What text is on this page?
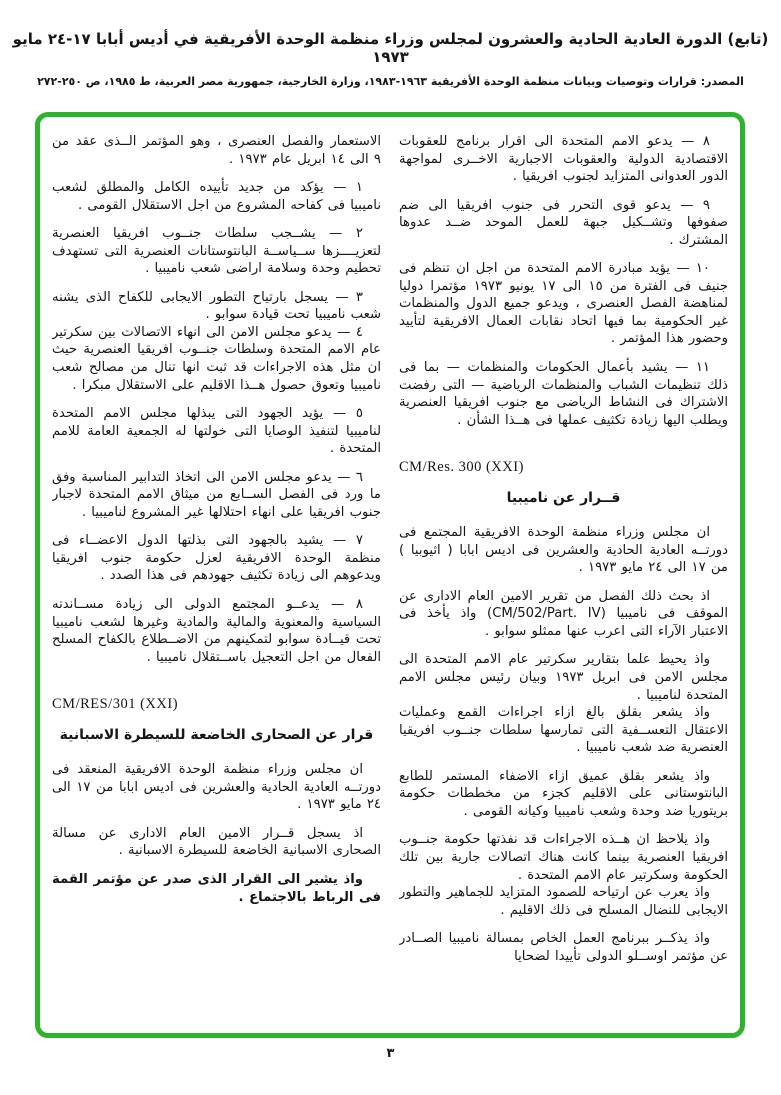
(تابع) الدورة العادية الحادية والعشرون لمجلس وزراء منظمة الوحدة الأفريقية في أديس أبابا ١٧-٢٤ مايو ١٩٧٣
المصدر: قرارات وتوصيات وبيانات منظمة الوحدة الأفريقية ١٩٦٣-١٩٨٣، وزارة الخارجية، جمهورية مصر العربية، ط ١٩٨٥، ص ٢٥٠-٢٧٢
٨ — يدعو الامم المتحدة الى اقرار برنامج للعقوبات الاقتصادية الدولية والعقوبات الاجبارية الاخــرى لمواجهة الدور العدوانى المتزايد لجنوب افريقيا .
٩ — يدعو قوى التحرر فى جنوب افريقيا الى ضم صفوفها وتشــكيل جبهة للعمل الموحد ضــد عدوها المشترك .
١٠ — يؤيد مبادرة الامم المتحدة من اجل ان تنظم فى جنيف فى الفترة من ١٥ الى ١٧ يونيو ١٩٧٣ مؤتمرا دوليا لمناهضة الفصل العنصرى ، ويدعو جميع الدول والمنظمات غير الحكومية بما فيها اتحاد نقابات العمال الافريقية لتأييد وحضور هذا المؤتمر .
١١ — يشيد بأعمال الحكومات والمنظمات — بما فى ذلك تنظيمات الشباب والمنظمات الرياضية — التى رفضت الاشتراك فى النشاط الرياضى مع جنوب افريقيا العنصرية ويطلب اليها زيادة تكثيف عملها فى هــذا الشأن .
CM/Res. 300 (XXI)
قــرار عن ناميبيا
ان مجلس وزراء منظمة الوحدة الافريقية المجتمع فى دورتــه العادية الحادية والعشرين فى اديس ابابا ( اثيوبيا ) من ١٧ الى ٢٤ مايو ١٩٧٣ .
اذ بحث ذلك الفصل من تقرير الامين العام الادارى عن الموقف فى ناميبيا (CM/502/Part. IV) واذ يأخذ فى الاعتبار الآراء التى اعرب عنها ممثلو سوابو .
واذ يحيط علما بتقارير سكرتير عام الامم المتحدة الى مجلس الامن فى ابريل ١٩٧٣ وبيان رئيس مجلس الامم المتحدة لناميبيا .
واذ يشعر بقلق بالغ ازاء اجراءات القمع وعمليات الاعتقال التعســفية التى تمارسها سلطات جنــوب افريقيا العنصرية ضد شعب ناميبيا .
واذ يشعر بقلق عميق ازاء الاضفاء المستمر للطابع البانتوستانى على الاقليم كجزء من مخططات حكومة بريتوريا ضد وحدة وشعب ناميبيا وكيانه القومى .
واذ يلاحظ ان هــذه الاجراءات قد نفذتها حكومة جنــوب افريقيا العنصرية بينما كانت هناك اتصالات جارية بين تلك الحكومة وسكرتير عام الامم المتحدة .
واذ يعرب عن ارتياحه للصمود المتزايد للجماهير والتطور الايجابى للنضال المسلح فى ذلك الاقليم .
واذ يذكــر ببرنامج العمل الخاص بمسالة ناميبيا الصــادر عن مؤتمر اوســلو الدولى تأييدا لضحايا
الاستعمار والفصل العنصرى ، وهو المؤتمر الــذى عقد من ٩ الى ١٤ ابريل عام ١٩٧٣ .
١ — يؤكد من جديد تأييده الكامل والمطلق لشعب ناميبيا فى كفاحه المشروع من اجل الاستقلال القومى .
٢ — يشــجب سلطات جنــوب افريقيا العنصرية لتعزيــــزها ســياســة البانتوستانات العنصرية التى تستهدف تحطيم وحدة وسلامة اراضى شعب ناميبيا .
٣ — يسجل بارتياح التطور الايجابى للكفاح الذى يشنه شعب ناميبيا تحت قيادة سوابو .
٤ — يدعو مجلس الامن الى انهاء الاتصالات بين سكرتير عام الامم المتحدة وسلطات جنــوب افريقيا العنصرية حيث ان مثل هذه الاجراءات قد ثبت انها تنال من مصالح شعب ناميبيا وتعوق حصول هــذا الاقليم على الاستقلال مبكرا .
٥ — يؤيد الجهود التى يبذلها مجلس الامم المتحدة لناميبيا لتنفيذ الوصايا التى خولتها له الجمعية العامة للامم المتحدة .
٦ — يدعو مجلس الامن الى اتخاذ التدابير المناسبة وفق ما ورد فى الفصل الســابع من ميثاق الامم المتحدة لاجبار جنوب افريقيا على انهاء احتلالها غير المشروع لناميبيا .
٧ — يشيد بالجهود التى بذلتها الدول الاعضــاء فى منظمة الوحدة الافريقية لعزل حكومة جنوب افريقيا ويدعوهم الى زيادة تكثيف جهودهم فى هذا الصدد .
٨ — يدعــو المجتمع الدولى الى زيادة مســاندته السياسية والمعنوية والمالية والمادية وغيرها لشعب ناميبيا تحت قيــادة سوابو لتمكينهم من الاضــطلاع بالكفاح المسلح الفعال من اجل التعجيل باســتقلال ناميبيا .
CM/RES/301 (XXI)
قرار عن الصحارى الخاضعة للسيطرة الاسبانية
ان مجلس وزراء منظمة الوحدة الافريقية المنعقد فى دورتــه العادية الحادية والعشرين فى اديس ابابا من ١٧ الى ٢٤ مايو ١٩٧٣ .
اذ يسجل قــرار الامين العام الادارى عن مسالة الصحارى الاسبانية الخاضعة للسيطرة الاسبانية .
واذ يشير الى القرار الذى صدر عن مؤتمر القمة فى الرباط بالاجتماع .
٣
